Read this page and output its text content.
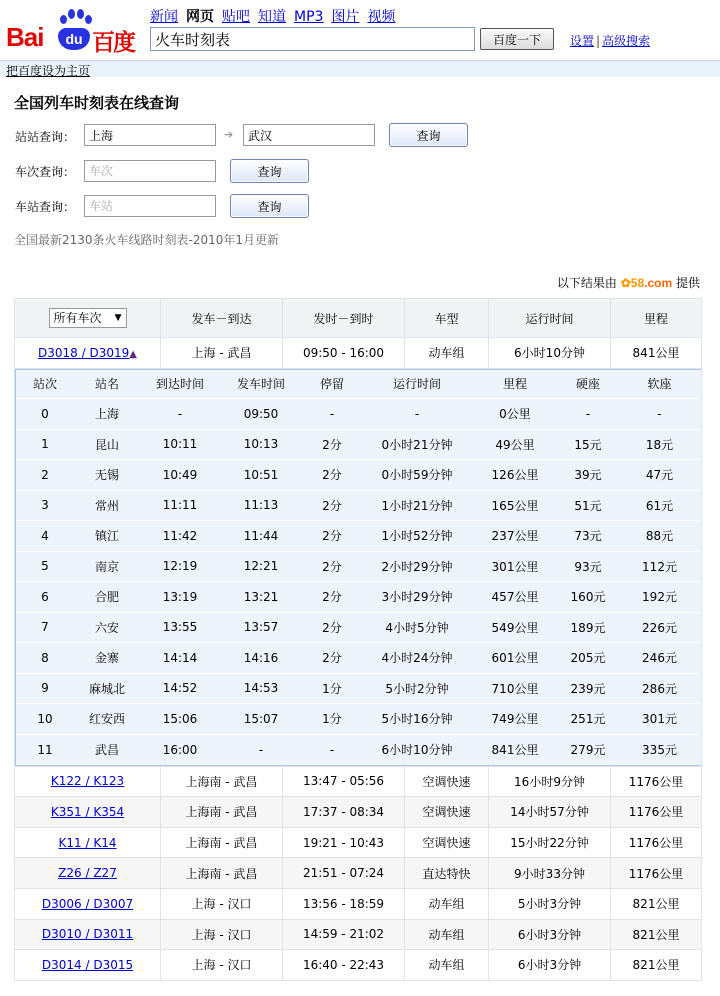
Bai	du 百度
新闻 网页 贴吧 知道 MP3 图片 视频
火车时刻表
百度一下	设置 | 高级搜索
把百度设为主页
全国列车时刻表在线查询
站站查询：
上海	➔
武汉	查询
车次查询：
车次	查询
车站查询：
车站	查询
全国最新2130条火车线路时刻表-2010年1月更新
以下结果由 ✿58.com 提供
所有车次 ▼	发车－到达	发时－到时	车型	运行时间	里程
D3018 / D3019▲	上海 - 武昌	09:50 - 16:00	动车组	6小时10分钟	841公里

站次	站名	到达时间	发车时间	停留	运行时间	里程	硬座	软座
0	上海	-	09:50	-	-	0公里	-	-
1	昆山	10:11	10:13	2分	0小时21分钟	49公里	15元	18元
2	无锡	10:49	10:51	2分	0小时59分钟	126公里	39元	47元
3	常州	11:11	11:13	2分	1小时21分钟	165公里	51元	61元
4	镇江	11:42	11:44	2分	1小时52分钟	237公里	73元	88元
5	南京	12:19	12:21	2分	2小时29分钟	301公里	93元	112元
6	合肥	13:19	13:21	2分	3小时29分钟	457公里	160元	192元
7	六安	13:55	13:57	2分	4小时5分钟	549公里	189元	226元
8	金寨	14:14	14:16	2分	4小时24分钟	601公里	205元	246元
9	麻城北	14:52	14:53	1分	5小时2分钟	710公里	239元	286元
10	红安西	15:06	15:07	1分	5小时16分钟	749公里	251元	301元
11	武昌	16:00	-	-	6小时10分钟	841公里	279元	335元

K122 / K123	上海南 - 武昌	13:47 - 05:56	空调快速	16小时9分钟	1176公里
K351 / K354	上海南 - 武昌	17:37 - 08:34	空调快速	14小时57分钟	1176公里
K11 / K14	上海南 - 武昌	19:21 - 10:43	空调快速	15小时22分钟	1176公里
Z26 / Z27	上海南 - 武昌	21:51 - 07:24	直达特快	9小时33分钟	1176公里
D3006 / D3007	上海 - 汉口	13:56 - 18:59	动车组	5小时3分钟	821公里
D3010 / D3011	上海 - 汉口	14:59 - 21:02	动车组	6小时3分钟	821公里
D3014 / D3015	上海 - 汉口	16:40 - 22:43	动车组	6小时3分钟	821公里
